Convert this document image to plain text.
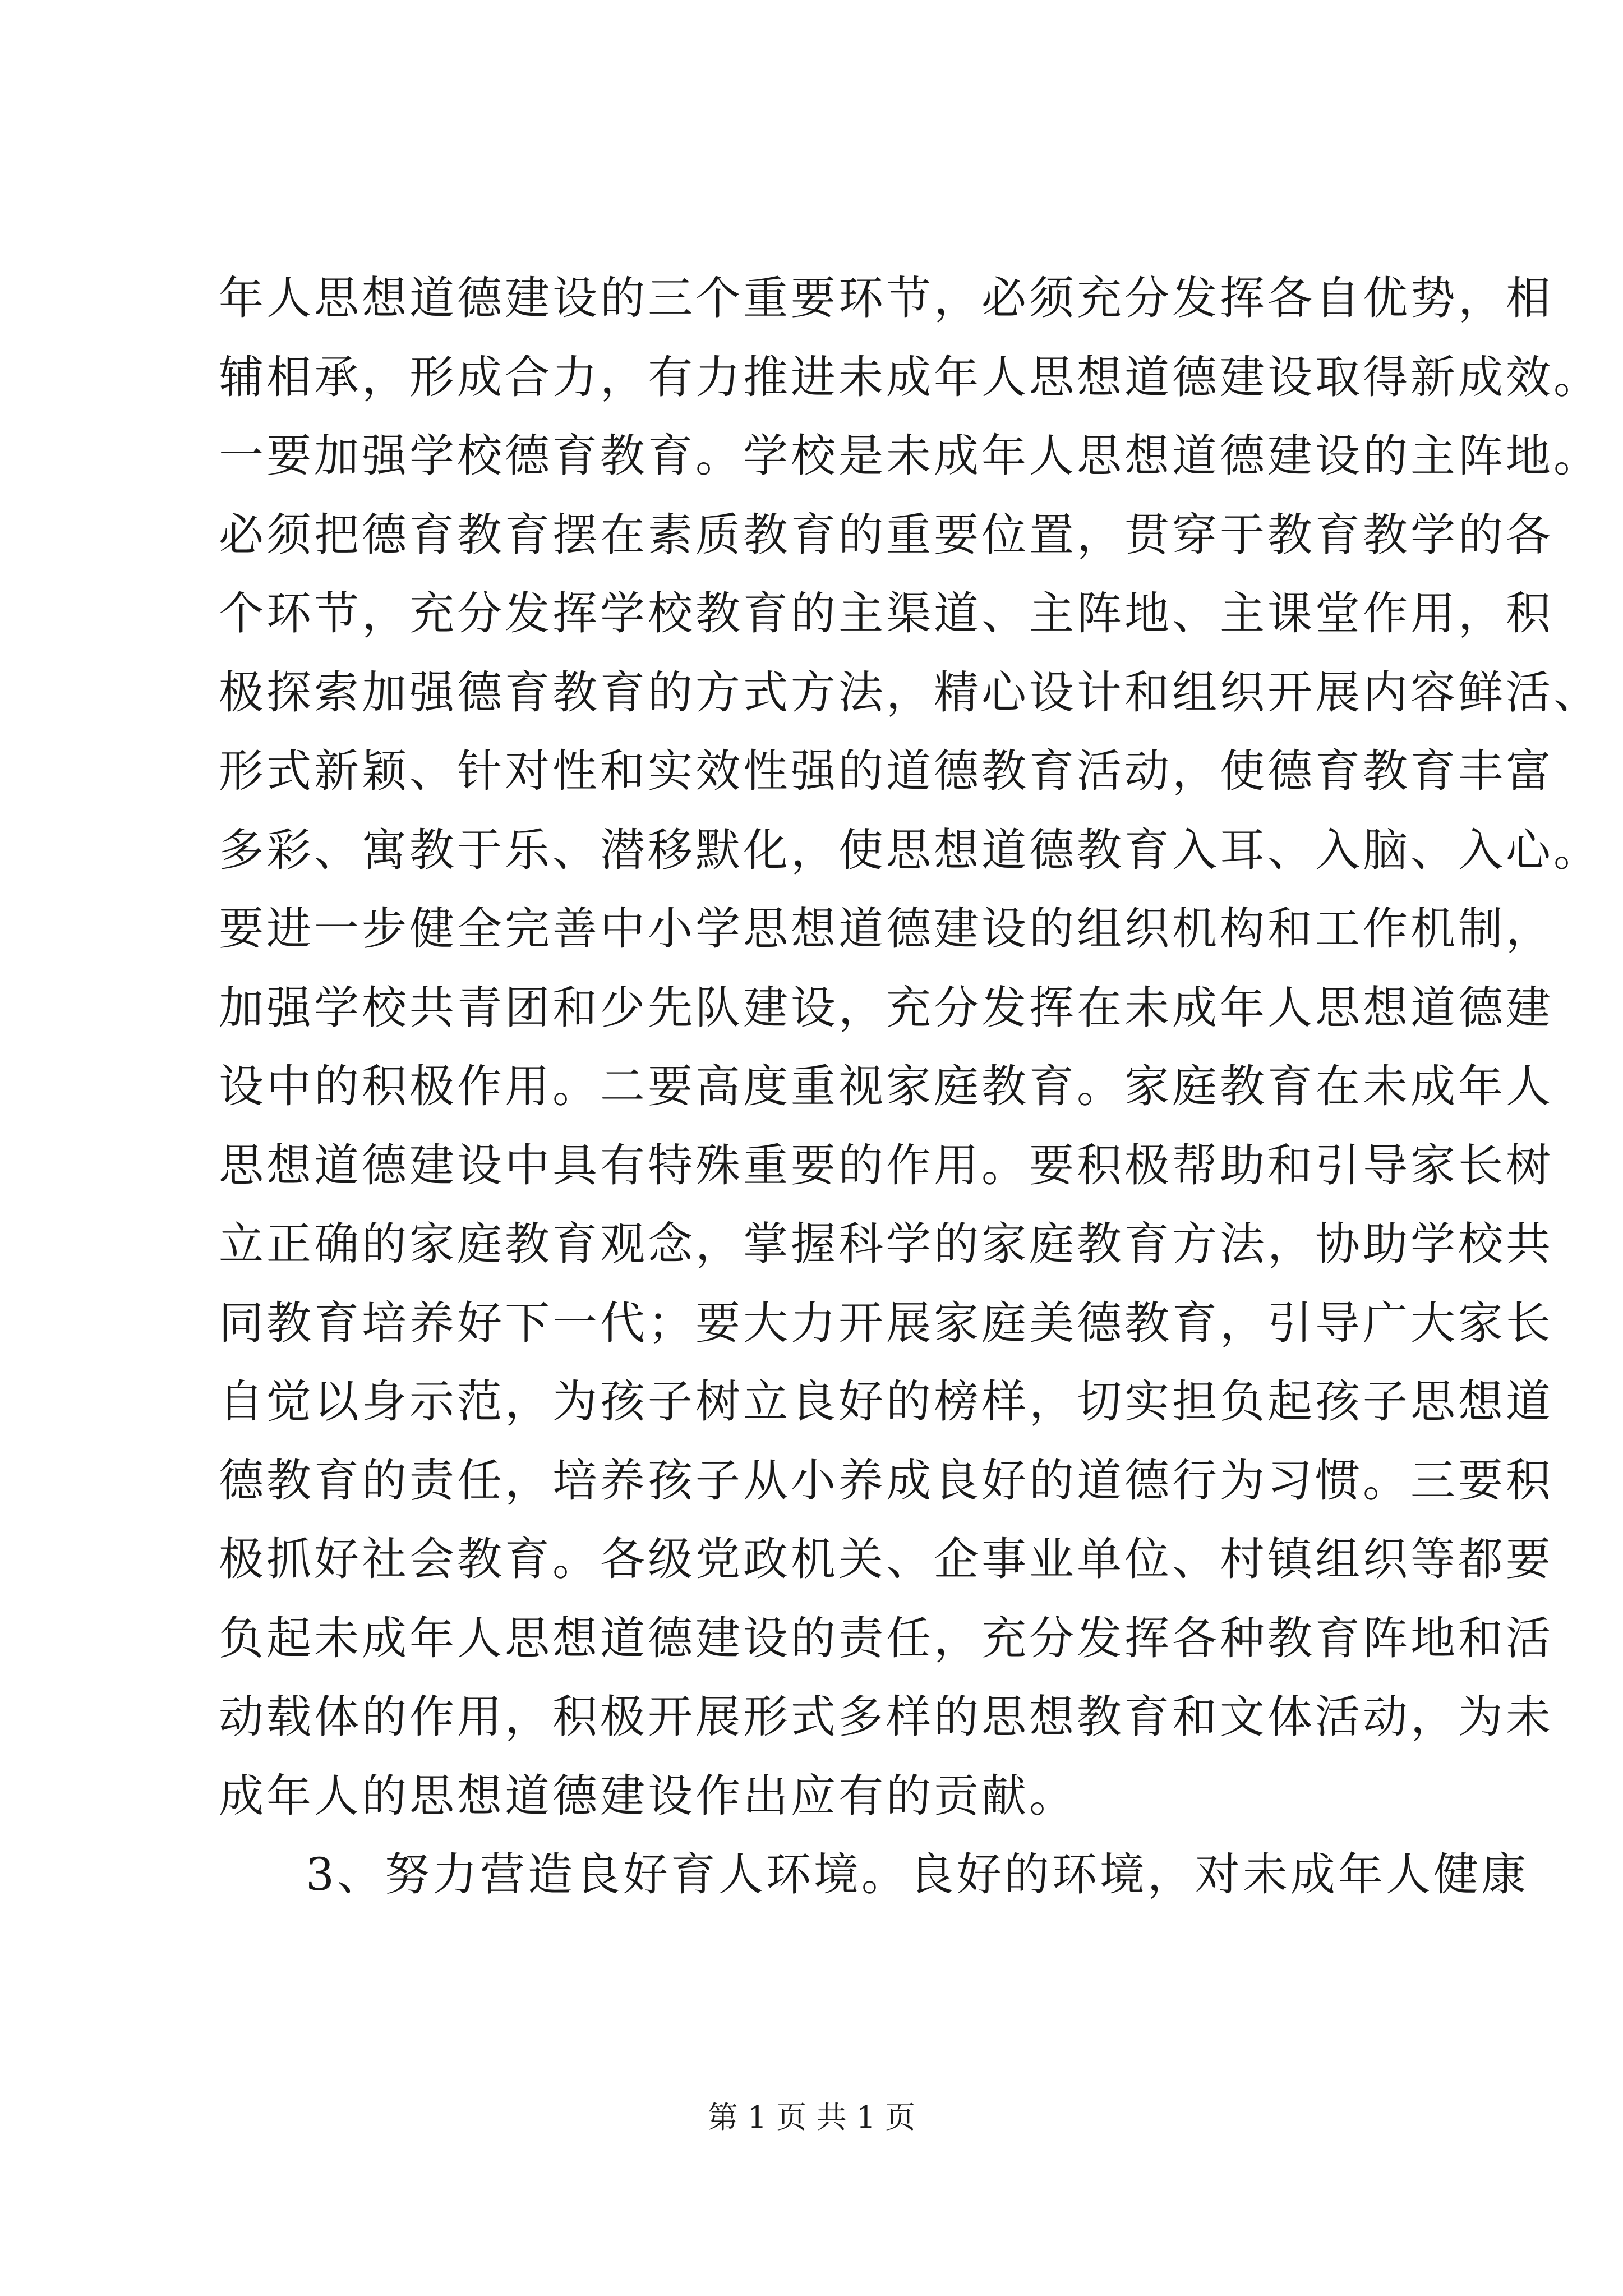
年人思想道德建设的三个重要环节，必须充分发挥各自优势，相
辅相承，形成合力，有力推进未成年人思想道德建设取得新成效。
一要加强学校德育教育。学校是未成年人思想道德建设的主阵地。
必须把德育教育摆在素质教育的重要位置，贯穿于教育教学的各
个环节，充分发挥学校教育的主渠道、主阵地、主课堂作用，积
极探索加强德育教育的方式方法，精心设计和组织开展内容鲜活、
形式新颖、针对性和实效性强的道德教育活动，使德育教育丰富
多彩、寓教于乐、潜移默化，使思想道德教育入耳、入脑、入心。
要进一步健全完善中小学思想道德建设的组织机构和工作机制，
加强学校共青团和少先队建设，充分发挥在未成年人思想道德建
设中的积极作用。二要高度重视家庭教育。家庭教育在未成年人
思想道德建设中具有特殊重要的作用。要积极帮助和引导家长树
立正确的家庭教育观念，掌握科学的家庭教育方法，协助学校共
同教育培养好下一代；要大力开展家庭美德教育，引导广大家长
自觉以身示范，为孩子树立良好的榜样，切实担负起孩子思想道
德教育的责任，培养孩子从小养成良好的道德行为习惯。三要积
极抓好社会教育。各级党政机关、企事业单位、村镇组织等都要
负起未成年人思想道德建设的责任，充分发挥各种教育阵地和活
动载体的作用，积极开展形式多样的思想教育和文体活动，为未
成年人的思想道德建设作出应有的贡献。
3、努力营造良好育人环境。良好的环境，对未成年人健康
第 1 页 共 1 页
